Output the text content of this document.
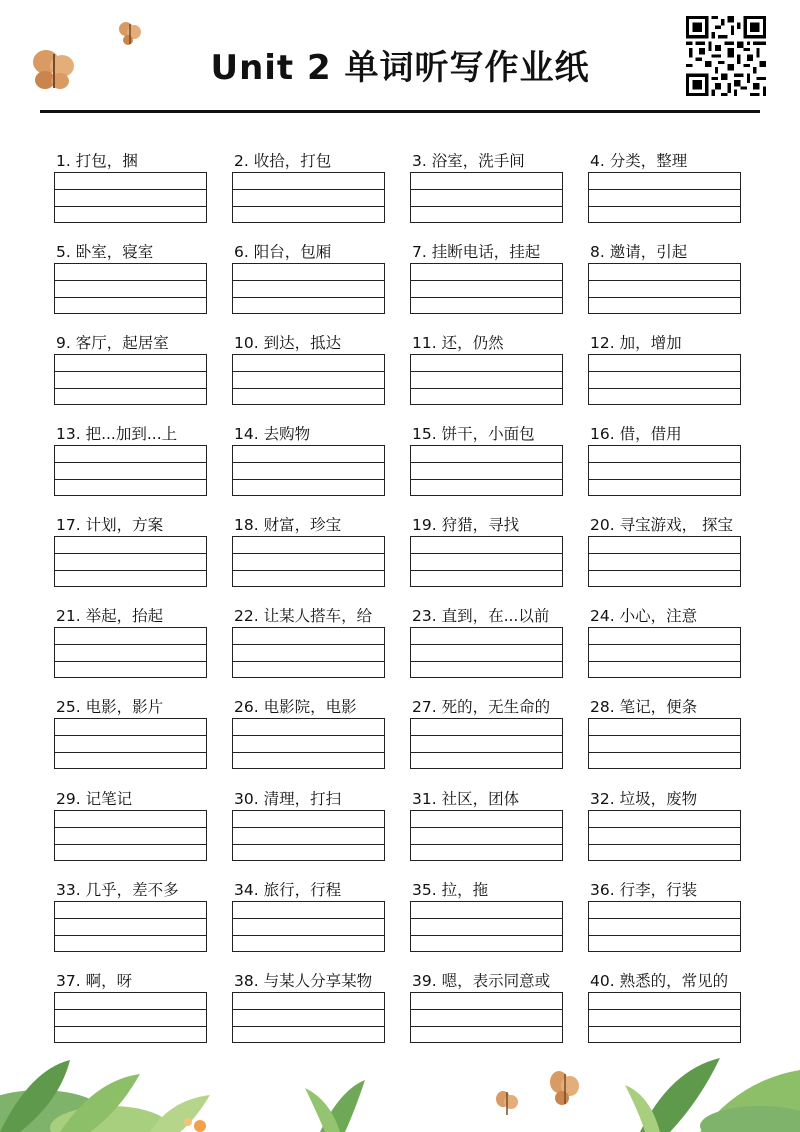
Unit 2 单词听写作业纸
1. 打包，捆	2. 收拾，打包	3. 浴室，洗手间	4. 分类，整理
5. 卧室，寝室	6. 阳台，包厢	7. 挂断电话，挂起	8. 邀请，引起
9. 客厅，起居室	10. 到达，抵达	11. 还，仍然	12. 加，增加
13. 把...加到...上	14. 去购物	15. 饼干，小面包	16. 借，借用
17. 计划，方案	18. 财富，珍宝	19. 狩猎，寻找	20. 寻宝游戏， 探宝
21. 举起，抬起	22. 让某人搭车，给	23. 直到，在...以前	24. 小心，注意
25. 电影，影片	26. 电影院，电影	27. 死的，无生命的	28. 笔记，便条
29. 记笔记	30. 清理，打扫	31. 社区，团体	32. 垃圾，废物
33. 几乎，差不多	34. 旅行，行程	35. 拉，拖	36. 行李，行装
37. 啊，呀	38. 与某人分享某物	39. 嗯，表示同意或	40. 熟悉的，常见的
